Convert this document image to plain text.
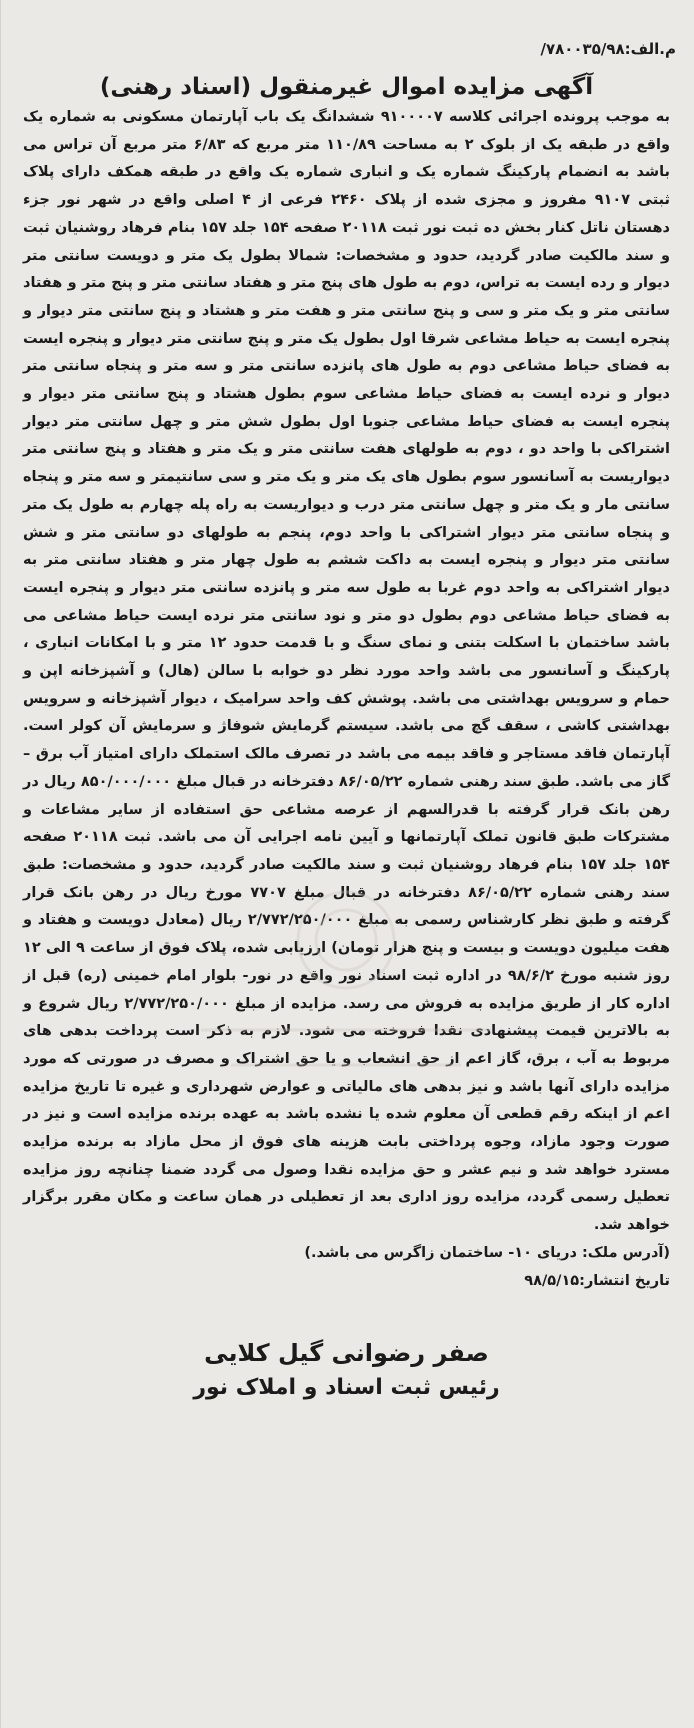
م.الف:۷۸۰۰۳۵/۹۸/
آگهی مزایده اموال غیرمنقول (اسناد رهنی)

به موجب پرونده اجرائی کلاسه ۹۱۰۰۰۰۷ ششدانگ یک باب آپارتمان مسکونی به شماره یک واقع در طبقه یک از بلوک ۲ به مساحت ۱۱۰/۸۹ متر مربع که ۶/۸۳ متر مربع آن تراس می باشد به انضمام پارکینگ شماره یک و انباری شماره یک واقع در طبقه همکف دارای پلاک ثبتی ۹۱۰۷ مفروز و مجزی شده از پلاک ۲۴۶۰ فرعی از ۴ اصلی واقع در شهر نور جزء دهستان ناتل کنار بخش ده ثبت نور ثبت ۲۰۱۱۸ صفحه ۱۵۴ جلد ۱۵۷ بنام فرهاد روشنیان ثبت و سند مالکیت صادر گردید، حدود و مشخصات: شمالا بطول یک متر و دویست سانتی متر دیوار و رده ایست به تراس، دوم به طول های پنج متر و هفتاد سانتی متر و پنج متر و هفتاد سانتی متر و یک متر و سی و پنج سانتی متر و هفت متر و هشتاد و پنج سانتی متر دیوار و پنجره ایست به حیاط مشاعی شرقا اول بطول یک متر و پنج سانتی متر دیوار و پنجره ایست به فضای حیاط مشاعی دوم به طول های پانزده سانتی متر و سه متر و پنجاه سانتی متر دیوار و نرده ایست به فضای حیاط مشاعی سوم بطول هشتاد و پنج سانتی متر دیوار و پنجره ایست به فضای حیاط مشاعی جنوبا اول بطول شش متر و چهل سانتی متر دیوار اشتراکی با واحد دو ، دوم به طولهای هفت سانتی متر و یک متر و هفتاد و پنج سانتی متر دیواریست به آسانسور سوم بطول های یک متر و یک متر و سی سانتیمتر و سه متر و پنجاه سانتی مار و یک متر و چهل سانتی متر درب و دیواریست به راه پله چهارم به طول یک متر و پنجاه سانتی متر دیوار اشتراکی با واحد دوم، پنجم به طولهای دو سانتی متر و شش سانتی متر دیوار و پنجره ایست به داکت ششم به طول چهار متر و هفتاد سانتی متر به دیوار اشتراکی به واحد دوم غربا به طول سه متر و پانزده سانتی متر دیوار و پنجره ایست به فضای حیاط مشاعی دوم بطول دو متر و نود سانتی متر نرده ایست حیاط مشاعی می باشد ساختمان با اسکلت بتنی و نمای سنگ و با قدمت حدود ۱۲ متر و با امکانات انباری ، پارکینگ و آسانسور می باشد واحد مورد نظر دو خوابه با سالن (هال) و آشپزخانه اپن و حمام و سرویس بهداشتی می باشد. پوشش کف واحد سرامیک ، دیوار آشپزخانه و سرویس بهداشتی کاشی ، سقف گچ می باشد. سیستم گرمایش شوفاژ و سرمایش آن کولر است. آپارتمان فاقد مستاجر و فاقد بیمه می باشد در تصرف مالک استملک دارای امتیاز آب برق – گاز می باشد. طبق سند رهنی شماره ۸۶/۰۵/۲۲ دفترخانه در قبال مبلغ ۸۵۰/۰۰۰/۰۰۰ ریال در رهن بانک قرار گرفته با قدرالسهم از عرصه مشاعی حق استفاده از سایر مشاعات و مشترکات طبق قانون تملک آپارتمانها و آیین نامه اجرایی آن می باشد. ثبت ۲۰۱۱۸ صفحه ۱۵۴ جلد ۱۵۷ بنام فرهاد روشنیان ثبت و سند مالکیت صادر گردید، حدود و مشخصات: طبق سند رهنی شماره ۸۶/۰۵/۲۲ دفترخانه در قبال مبلغ ۷۷۰۷ مورخ ریال در رهن بانک قرار گرفته و طبق نظر کارشناس رسمی به مبلغ ۲/۷۷۲/۲۵۰/۰۰۰ ریال (معادل دویست و هفتاد و هفت میلیون دویست و بیست و پنج هزار تومان) ارزیابی شده، پلاک فوق از ساعت ۹ الی ۱۲ روز شنبه مورخ ۹۸/۶/۲ در اداره ثبت اسناد نور واقع در نور- بلوار امام خمینی (ره) قبل از اداره کار از طریق مزایده به فروش می رسد. مزایده از مبلغ ۲/۷۷۲/۲۵۰/۰۰۰ ریال شروع و به بالاترین قیمت پیشنهادی نقدا فروخته می شود. لازم به ذکر است پرداخت بدهی های مربوط به آب ، برق، گاز اعم از حق انشعاب و یا حق اشتراک و مصرف در صورتی که مورد مزایده دارای آنها باشد و نیز بدهی های مالیاتی و عوارض شهرداری و غیره تا تاریخ مزایده اعم از اینکه رقم قطعی آن معلوم شده یا نشده باشد به عهده برنده مزایده است و نیز در صورت وجود مازاد، وجوه پرداختی بابت هزینه های فوق از محل مازاد به برنده مزایده مسترد خواهد شد و نیم عشر و حق مزایده نقدا وصول می گردد ضمنا چنانچه روز مزایده تعطیل رسمی گردد، مزایده روز اداری بعد از تعطیلی در همان ساعت و مکان مقرر برگزار خواهد شد.

(آدرس ملک: دریای ۱۰- ساختمان زاگرس می باشد.)

تاریخ انتشار:۹۸/۵/۱۵

صفر رضوانی گیل کلایی
رئیس ثبت اسناد و املاک نور
